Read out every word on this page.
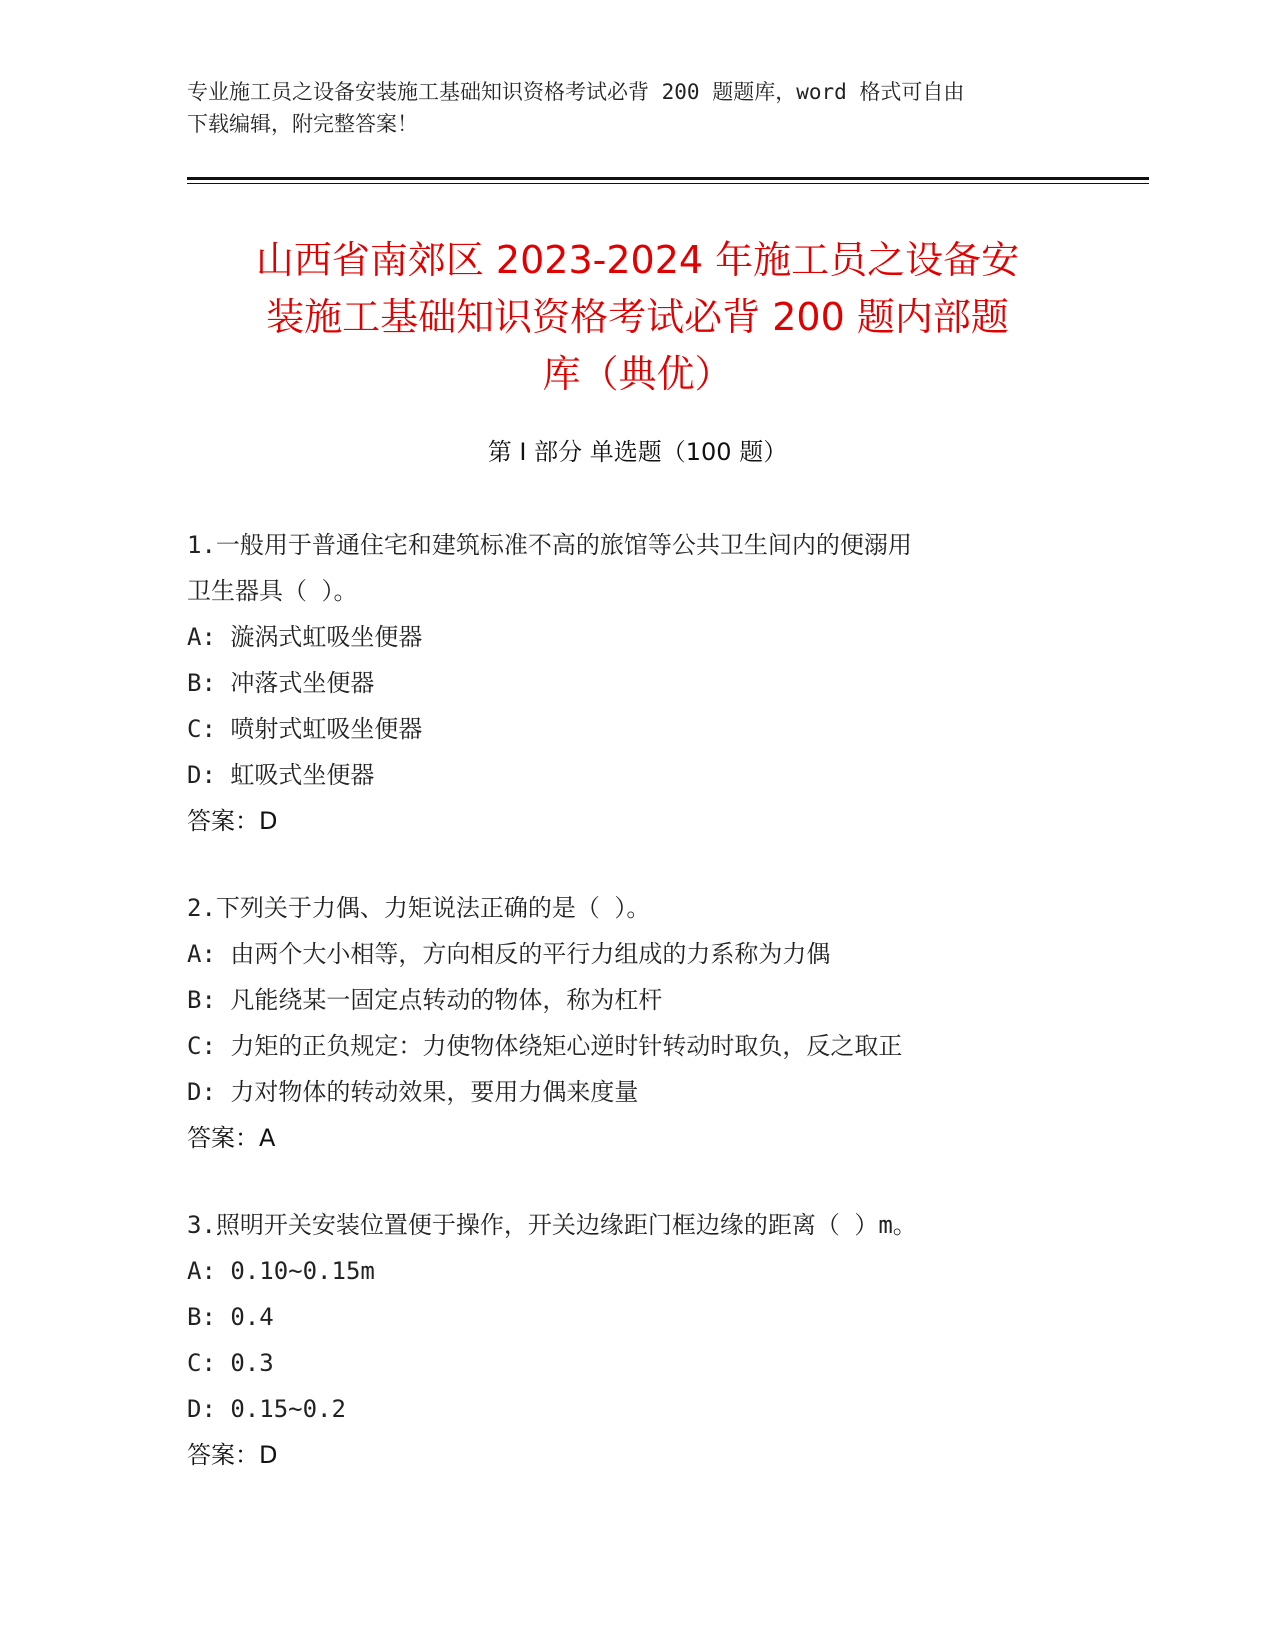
专业施工员之设备安装施工基础知识资格考试必背 200 题题库，word 格式可自由
下载编辑，附完整答案！
山西省南郊区 2023-2024 年施工员之设备安
装施工基础知识资格考试必背 200 题内部题
库（典优）
第 I 部分 单选题（100 题）
1.一般用于普通住宅和建筑标准不高的旅馆等公共卫生间内的便溺用
卫生器具（ ）。
A: 漩涡式虹吸坐便器
B: 冲落式坐便器
C: 喷射式虹吸坐便器
D: 虹吸式坐便器
答案：D
2.下列关于力偶、力矩说法正确的是（ ）。
A: 由两个大小相等，方向相反的平行力组成的力系称为力偶
B: 凡能绕某一固定点转动的物体，称为杠杆
C: 力矩的正负规定：力使物体绕矩心逆时针转动时取负，反之取正
D: 力对物体的转动效果，要用力偶来度量
答案：A
3.照明开关安装位置便于操作，开关边缘距门框边缘的距离（ ）m。
A: 0.10~0.15m
B: 0.4
C: 0.3
D: 0.15~0.2
答案：D
